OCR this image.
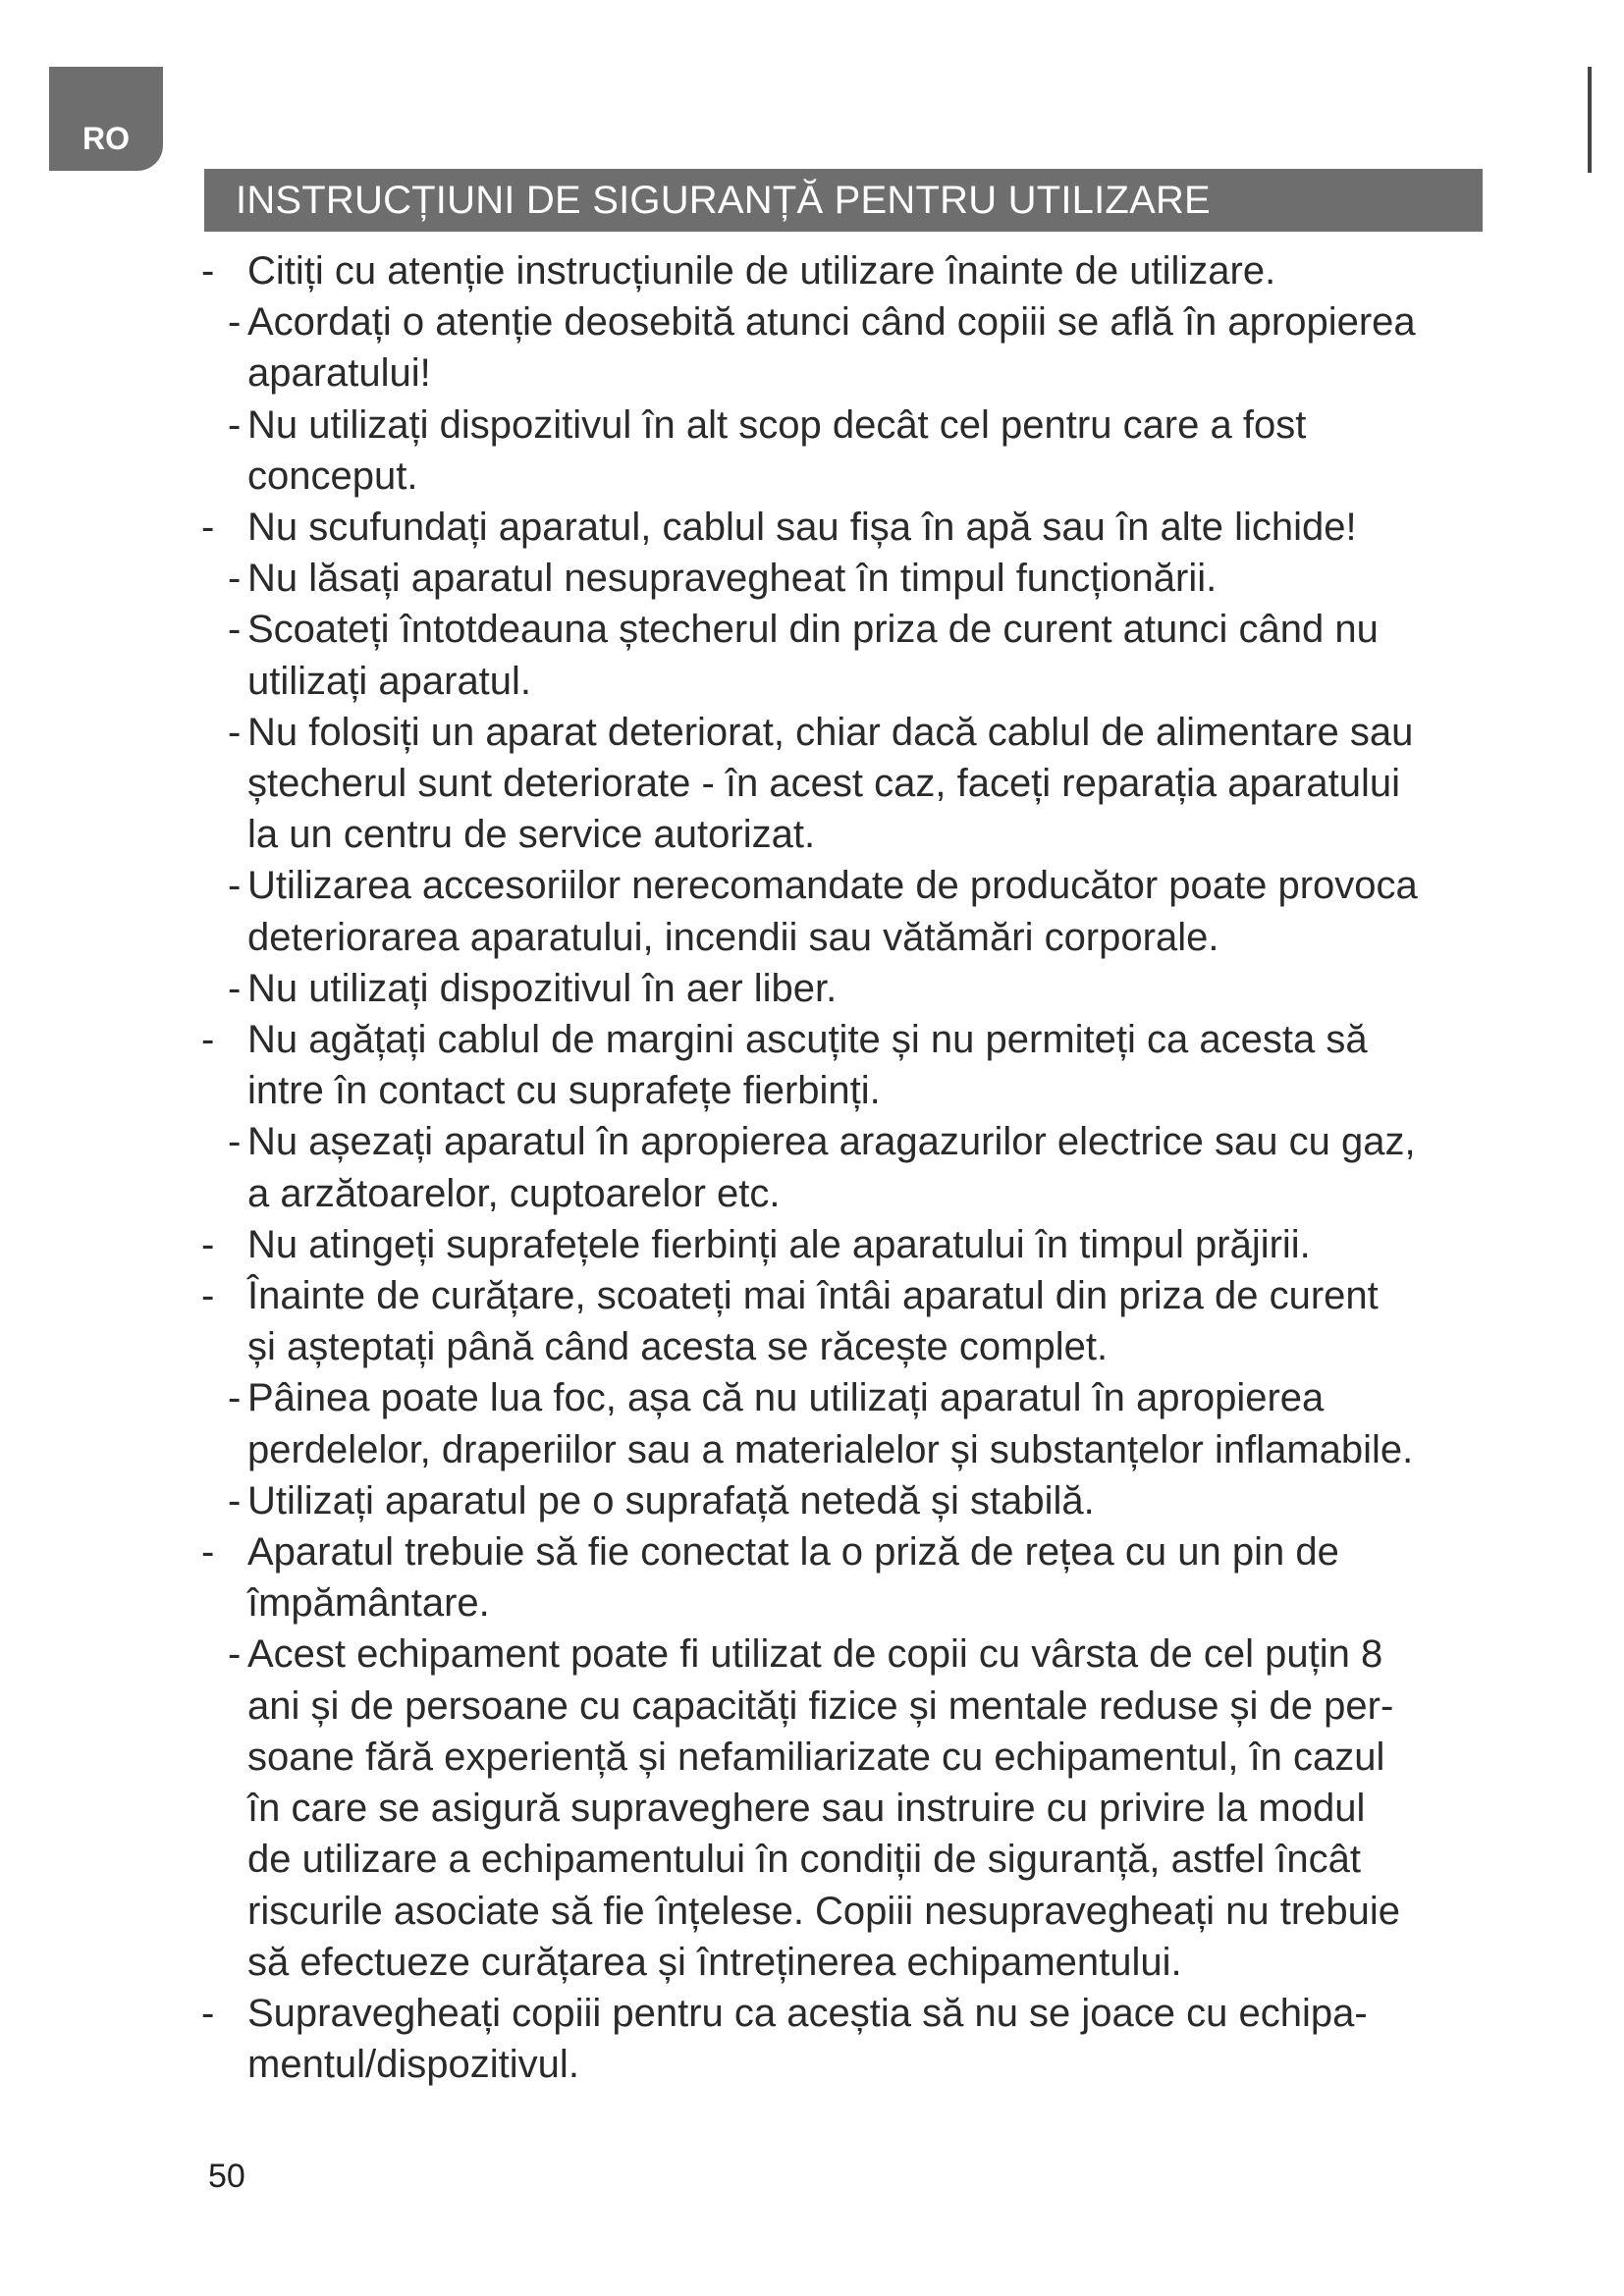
RO
INSTRUCȚIUNI DE SIGURANȚĂ PENTRU UTILIZARE
- Citiți cu atenție instrucțiunile de utilizare înainte de utilizare.
- Acordați o atenție deosebită atunci când copiii se află în apropierea
aparatului!
- Nu utilizați dispozitivul în alt scop decât cel pentru care a fost
conceput.
- Nu scufundați aparatul, cablul sau fișa în apă sau în alte lichide!
- Nu lăsați aparatul nesupravegheat în timpul funcționării.
- Scoateți întotdeauna ștecherul din priza de curent atunci când nu
utilizați aparatul.
- Nu folosiți un aparat deteriorat, chiar dacă cablul de alimentare sau
ștecherul sunt deteriorate - în acest caz, faceți reparația aparatului
la un centru de service autorizat.
- Utilizarea accesoriilor nerecomandate de producător poate provoca
deteriorarea aparatului, incendii sau vătămări corporale.
- Nu utilizați dispozitivul în aer liber.
- Nu agățați cablul de margini ascuțite și nu permiteți ca acesta să
intre în contact cu suprafețe fierbinți.
- Nu așezați aparatul în apropierea aragazurilor electrice sau cu gaz,
a arzătoarelor, cuptoarelor etc.
- Nu atingeți suprafețele fierbinți ale aparatului în timpul prăjirii.
- Înainte de curățare, scoateți mai întâi aparatul din priza de curent
și așteptați până când acesta se răcește complet.
- Pâinea poate lua foc, așa că nu utilizați aparatul în apropierea
perdelelor, draperiilor sau a materialelor și substanțelor inflamabile.
- Utilizați aparatul pe o suprafață netedă și stabilă.
- Aparatul trebuie să fie conectat la o priză de rețea cu un pin de
împământare.
- Acest echipament poate fi utilizat de copii cu vârsta de cel puțin 8
ani și de persoane cu capacități fizice și mentale reduse și de per-
soane fără experiență și nefamiliarizate cu echipamentul, în cazul
în care se asigură supraveghere sau instruire cu privire la modul
de utilizare a echipamentului în condiții de siguranță, astfel încât
riscurile asociate să fie înțelese. Copiii nesupravegheați nu trebuie
să efectueze curățarea și întreținerea echipamentului.
- Supravegheați copiii pentru ca aceștia să nu se joace cu echipa-
mentul/dispozitivul.
50
